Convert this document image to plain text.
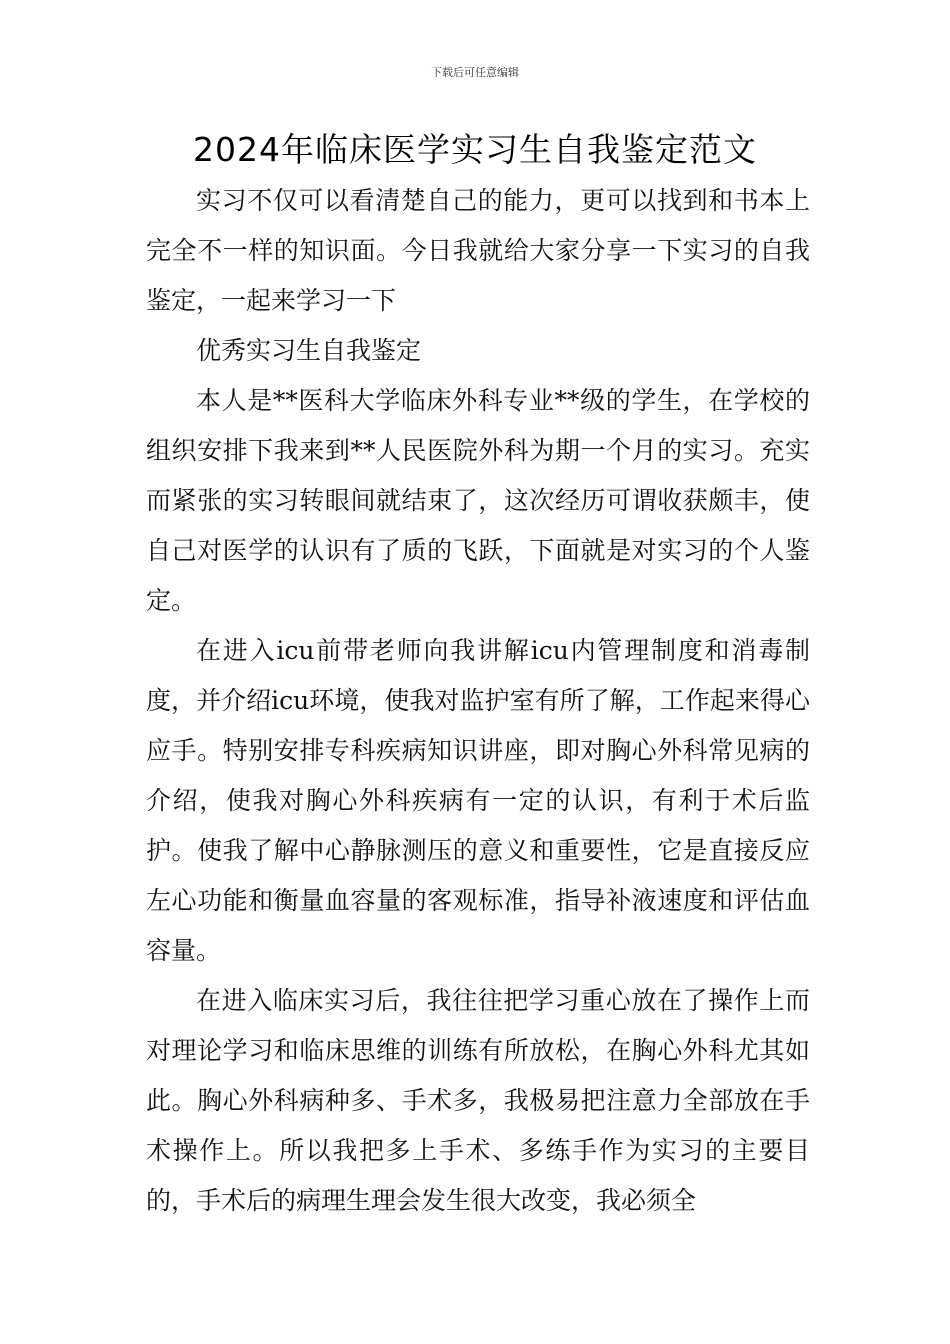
下载后可任意编辑
2024年临床医学实习生自我鉴定范文

实习不仅可以看清楚自己的能力，更可以找到和书本上完全不一样的知识面。今日我就给大家分享一下实习的自我鉴定，一起来学习一下

优秀实习生自我鉴定

本人是**医科大学临床外科专业**级的学生，在学校的组织安排下我来到**人民医院外科为期一个月的实习。充实而紧张的实习转眼间就结束了，这次经历可谓收获颇丰，使自己对医学的认识有了质的飞跃，下面就是对实习的个人鉴定。

在进入icu前带老师向我讲解icu内管理制度和消毒制度，并介绍icu环境，使我对监护室有所了解，工作起来得心应手。特别安排专科疾病知识讲座，即对胸心外科常见病的介绍，使我对胸心外科疾病有一定的认识，有利于术后监护。使我了解中心静脉测压的意义和重要性，它是直接反应左心功能和衡量血容量的客观标准，指导补液速度和评估血容量。

在进入临床实习后，我往往把学习重心放在了操作上而对理论学习和临床思维的训练有所放松，在胸心外科尤其如此。胸心外科病种多、手术多，我极易把注意力全部放在手术操作上。所以我把多上手术、多练手作为实习的主要目的，手术后的病理生理会发生很大改变，我必须全
